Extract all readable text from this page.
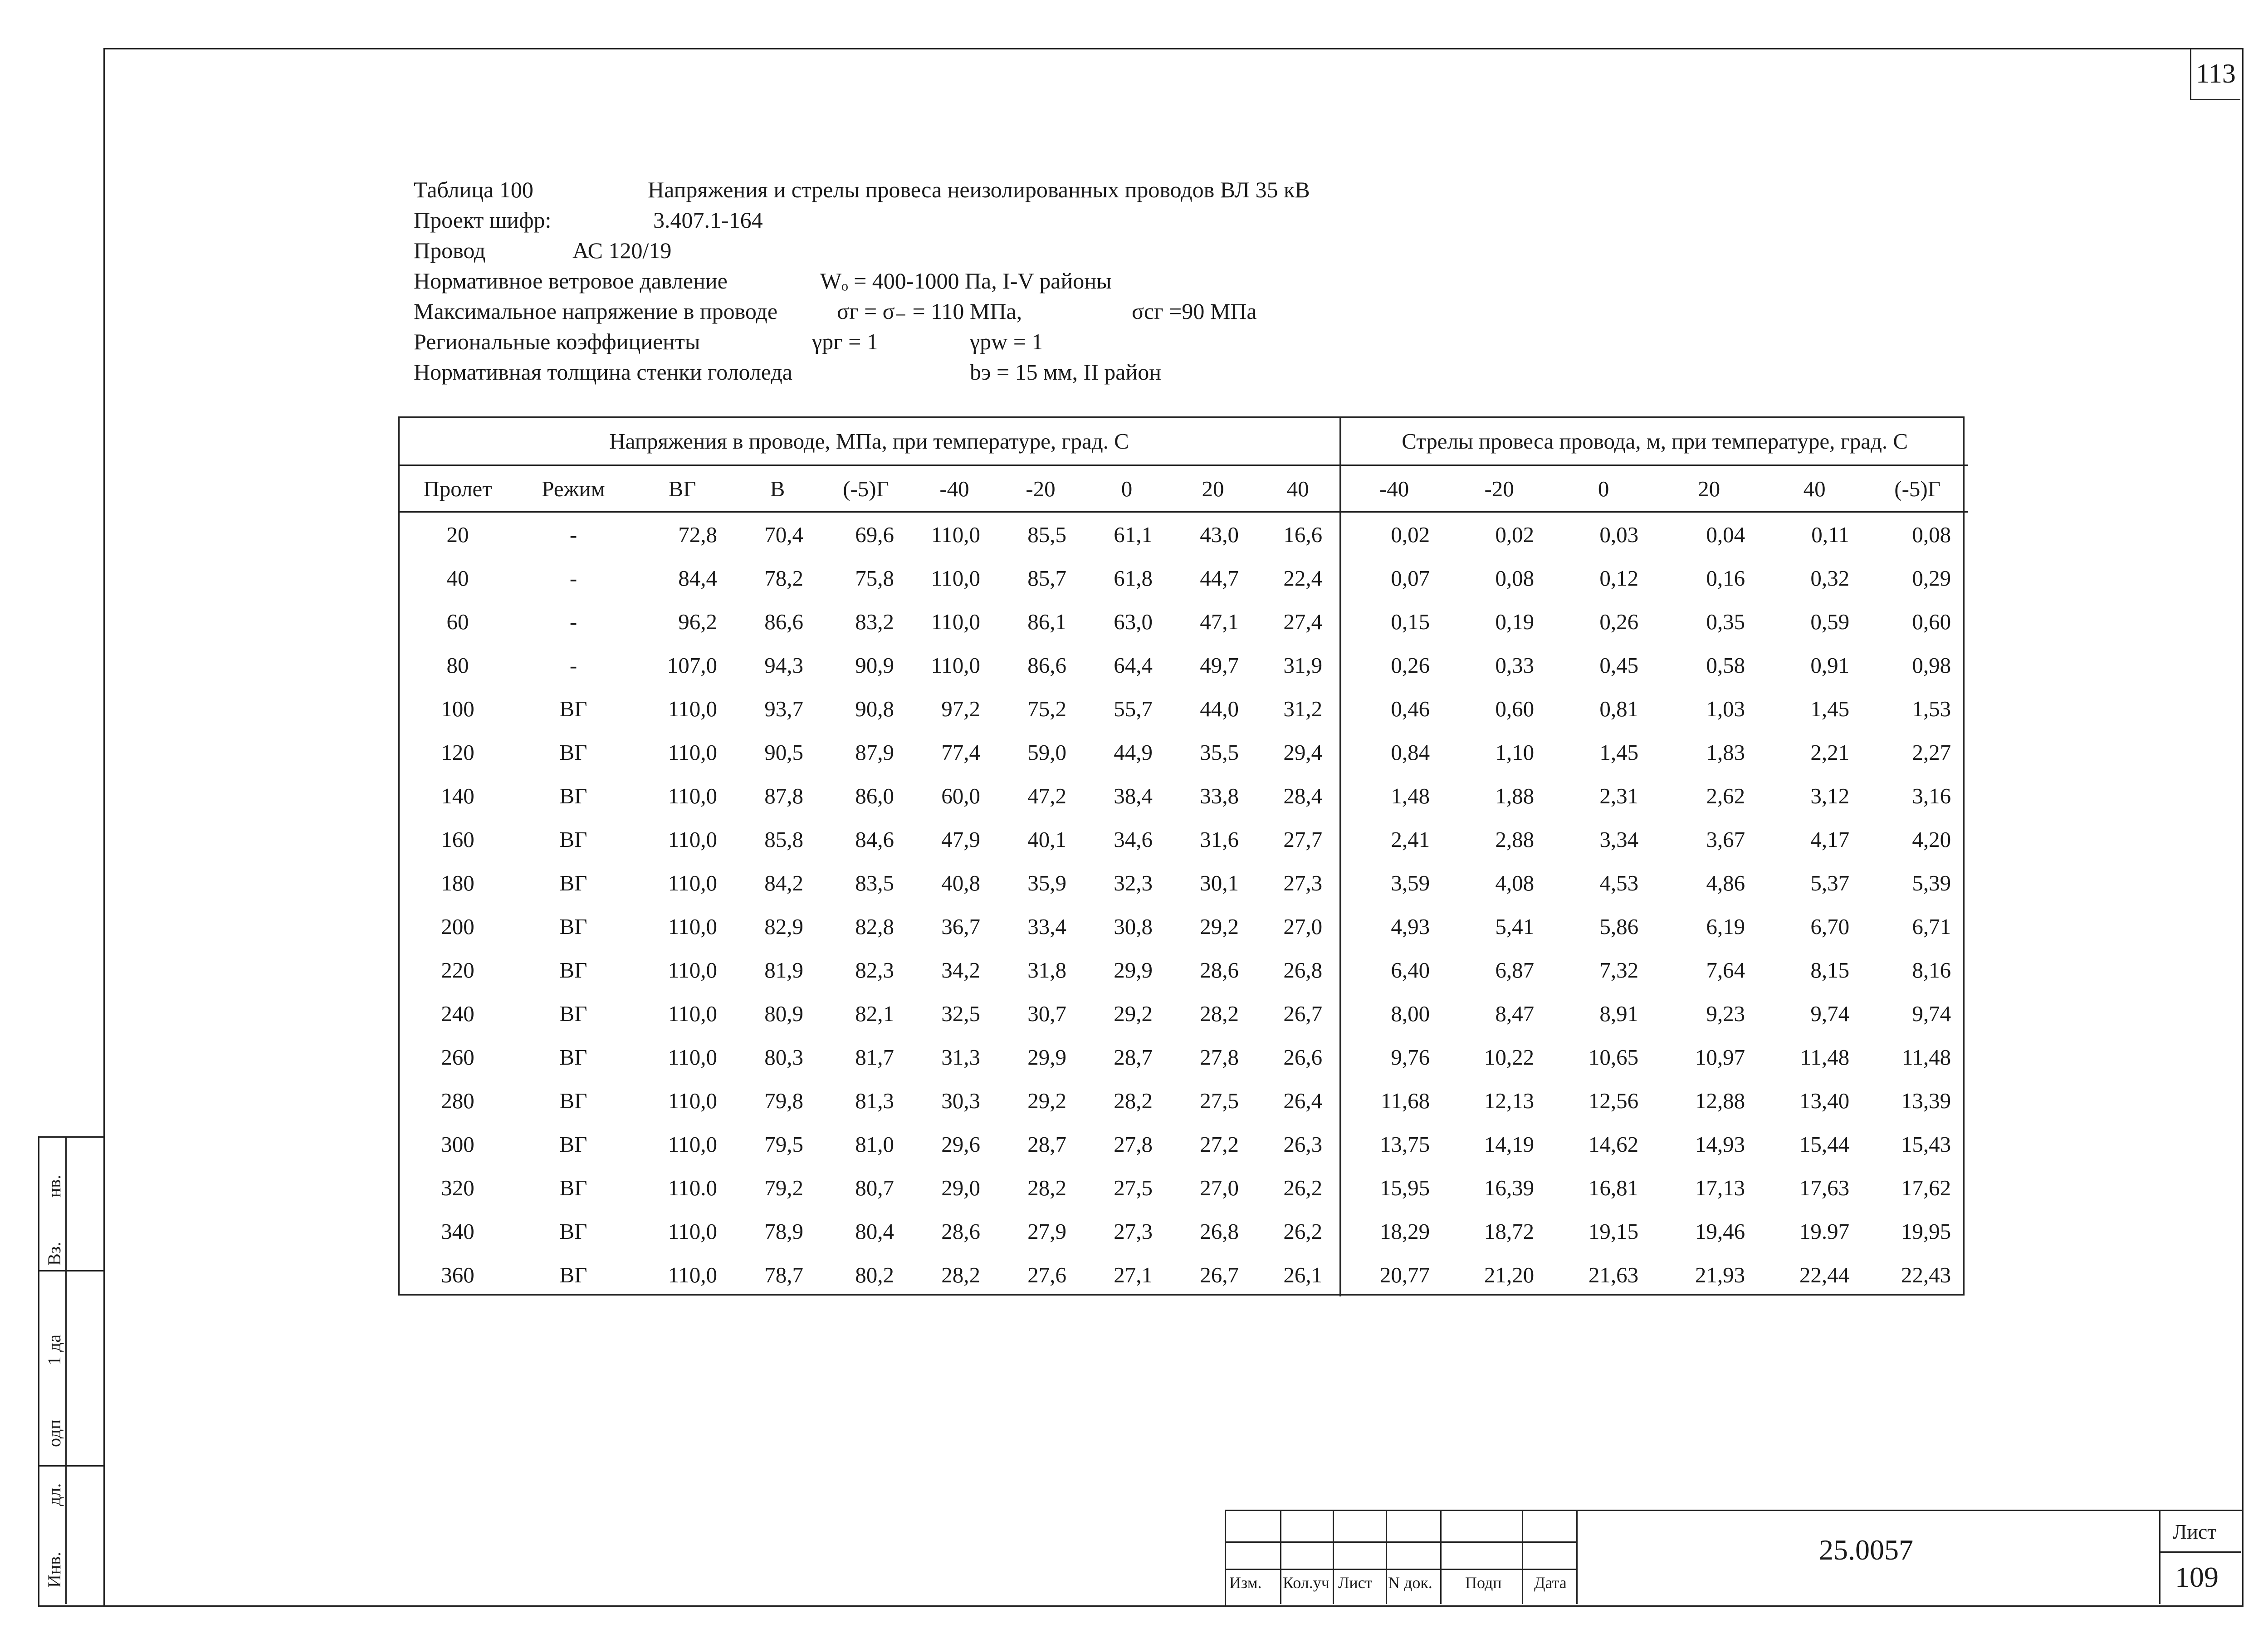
113
Таблица 100	Напряжения и стрелы провеса неизолированных проводов ВЛ 35 кВ
Проект шифр:	3.407.1-164
Провод	АС 120/19
Нормативное ветровое давление	Wₒ = 400-1000 Па, I-V районы
Максимальное напряжение в проводе	σг = σ₋ = 110 МПа,	σсг =90 МПа
Региональные коэффициенты	γрг = 1	γрw = 1
Нормативная толщина стенки гололеда	bэ = 15 мм, II район
Напряжения в проводе, МПа, при температуре, град. С										Стрелы провеса провода, м, при температуре, град. С					
Пролет	Режим	ВГ	В	(-5)Г	-40	-20	0	20	40	-40	-20	0	20	40	(-5)Г
20	-	72,8	70,4	69,6	110,0	85,5	61,1	43,0	16,6	0,02	0,02	0,03	0,04	0,11	0,08
40	-	84,4	78,2	75,8	110,0	85,7	61,8	44,7	22,4	0,07	0,08	0,12	0,16	0,32	0,29
60	-	96,2	86,6	83,2	110,0	86,1	63,0	47,1	27,4	0,15	0,19	0,26	0,35	0,59	0,60
80	-	107,0	94,3	90,9	110,0	86,6	64,4	49,7	31,9	0,26	0,33	0,45	0,58	0,91	0,98
100	ВГ	110,0	93,7	90,8	97,2	75,2	55,7	44,0	31,2	0,46	0,60	0,81	1,03	1,45	1,53
120	ВГ	110,0	90,5	87,9	77,4	59,0	44,9	35,5	29,4	0,84	1,10	1,45	1,83	2,21	2,27
140	ВГ	110,0	87,8	86,0	60,0	47,2	38,4	33,8	28,4	1,48	1,88	2,31	2,62	3,12	3,16
160	ВГ	110,0	85,8	84,6	47,9	40,1	34,6	31,6	27,7	2,41	2,88	3,34	3,67	4,17	4,20
180	ВГ	110,0	84,2	83,5	40,8	35,9	32,3	30,1	27,3	3,59	4,08	4,53	4,86	5,37	5,39
200	ВГ	110,0	82,9	82,8	36,7	33,4	30,8	29,2	27,0	4,93	5,41	5,86	6,19	6,70	6,71
220	ВГ	110,0	81,9	82,3	34,2	31,8	29,9	28,6	26,8	6,40	6,87	7,32	7,64	8,15	8,16
240	ВГ	110,0	80,9	82,1	32,5	30,7	29,2	28,2	26,7	8,00	8,47	8,91	9,23	9,74	9,74
260	ВГ	110,0	80,3	81,7	31,3	29,9	28,7	27,8	26,6	9,76	10,22	10,65	10,97	11,48	11,48
280	ВГ	110,0	79,8	81,3	30,3	29,2	28,2	27,5	26,4	11,68	12,13	12,56	12,88	13,40	13,39
300	ВГ	110,0	79,5	81,0	29,6	28,7	27,8	27,2	26,3	13,75	14,19	14,62	14,93	15,44	15,43
320	ВГ	110.0	79,2	80,7	29,0	28,2	27,5	27,0	26,2	15,95	16,39	16,81	17,13	17,63	17,62
340	ВГ	110,0	78,9	80,4	28,6	27,9	27,3	26,8	26,2	18,29	18,72	19,15	19,46	19.97	19,95
360	ВГ	110,0	78,7	80,2	28,2	27,6	27,1	26,7	26,1	20,77	21,20	21,63	21,93	22,44	22,43
Инв.
дл.
одп
1 да
Вз.
нв.
Изм. Кол.уч Лист N док. Подп Дата
25.0057
Лист
109
